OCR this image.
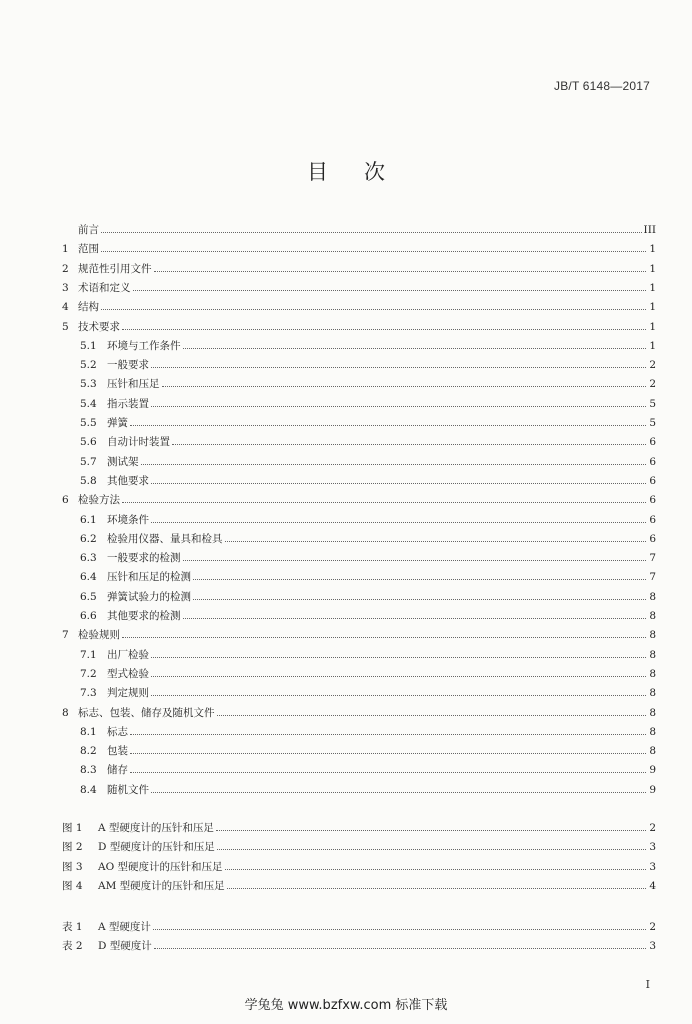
JB/T 6148—2017
目次
前言	III
1 范围	1
2 规范性引用文件	1
3 术语和定义	1
4 结构	1
5 技术要求	1
5.1 环境与工作条件	1
5.2 一般要求	2
5.3 压针和压足	2
5.4 指示装置	5
5.5 弹簧	5
5.6 自动计时装置	6
5.7 测试架	6
5.8 其他要求	6
6 检验方法	6
6.1 环境条件	6
6.2 检验用仪器、量具和检具	6
6.3 一般要求的检测	7
6.4 压针和压足的检测	7
6.5 弹簧试验力的检测	8
6.6 其他要求的检测	8
7 检验规则	8
7.1 出厂检验	8
7.2 型式检验	8
7.3 判定规则	8
8 标志、包装、储存及随机文件	8
8.1 标志	8
8.2 包装	8
8.3 储存	9
8.4 随机文件	9
图 1	A 型硬度计的压针和压足	2
图 2	D 型硬度计的压针和压足	3
图 3	AO 型硬度计的压针和压足	3
图 4	AM 型硬度计的压针和压足	4
表 1	A 型硬度计	2
表 2	D 型硬度计	3
I
学兔兔 www.bzfxw.com 标准下载
